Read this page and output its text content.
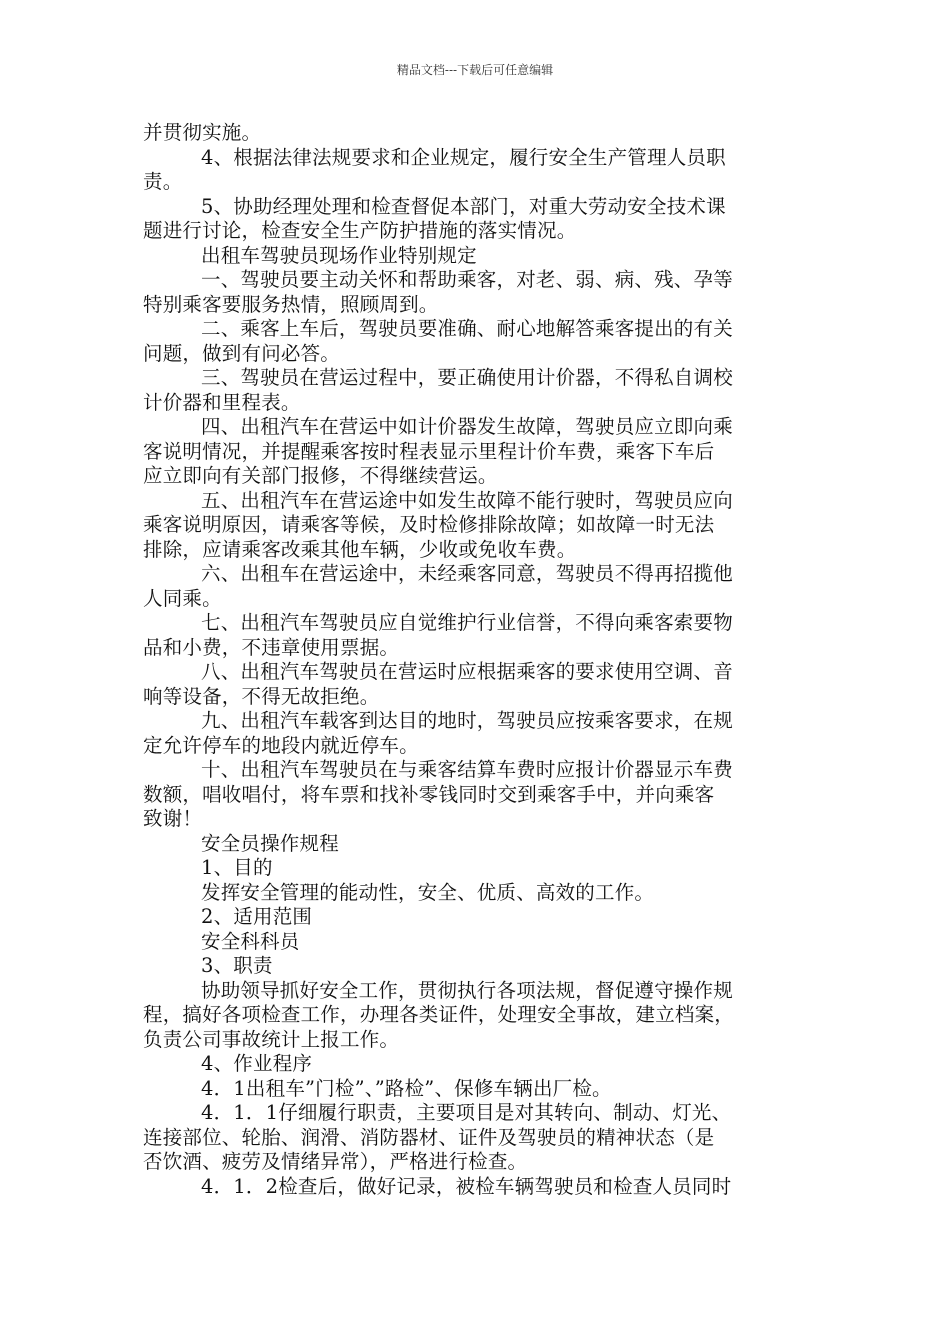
精品文档---下载后可任意编辑
并贯彻实施。
4、根据法律法规要求和企业规定，履行安全生产管理人员职
责。
5、协助经理处理和检查督促本部门，对重大劳动安全技术课
题进行讨论，检查安全生产防护措施的落实情况。
出租车驾驶员现场作业特别规定
一、驾驶员要主动关怀和帮助乘客，对老、弱、病、残、孕等
特别乘客要服务热情，照顾周到。
二、乘客上车后，驾驶员要准确、耐心地解答乘客提出的有关
问题，做到有问必答。
三、驾驶员在营运过程中，要正确使用计价器，不得私自调校
计价器和里程表。
四、出租汽车在营运中如计价器发生故障，驾驶员应立即向乘
客说明情况，并提醒乘客按时程表显示里程计价车费，乘客下车后
应立即向有关部门报修，不得继续营运。
五、出租汽车在营运途中如发生故障不能行驶时，驾驶员应向
乘客说明原因，请乘客等候，及时检修排除故障；如故障一时无法
排除，应请乘客改乘其他车辆，少收或免收车费。
六、出租车在营运途中，未经乘客同意，驾驶员不得再招揽他
人同乘。
七、出租汽车驾驶员应自觉维护行业信誉，不得向乘客索要物
品和小费，不违章使用票据。
八、出租汽车驾驶员在营运时应根据乘客的要求使用空调、音
响等设备，不得无故拒绝。
九、出租汽车载客到达目的地时，驾驶员应按乘客要求，在规
定允许停车的地段内就近停车。
十、出租汽车驾驶员在与乘客结算车费时应报计价器显示车费
数额，唱收唱付，将车票和找补零钱同时交到乘客手中，并向乘客
致谢！
安全员操作规程
1、目的
发挥安全管理的能动性，安全、优质、高效的工作。
2、适用范围
安全科科员
3、职责
协助领导抓好安全工作，贯彻执行各项法规，督促遵守操作规
程，搞好各项检查工作，办理各类证件，处理安全事故，建立档案，
负责公司事故统计上报工作。
4、作业程序
4．1出租车”门检”、”路检”、保修车辆出厂检。
4．1．1仔细履行职责，主要项目是对其转向、制动、灯光、
连接部位、轮胎、润滑、消防器材、证件及驾驶员的精神状态（是
否饮酒、疲劳及情绪异常），严格进行检查。
4．1．2检查后，做好记录，被检车辆驾驶员和检查人员同时
